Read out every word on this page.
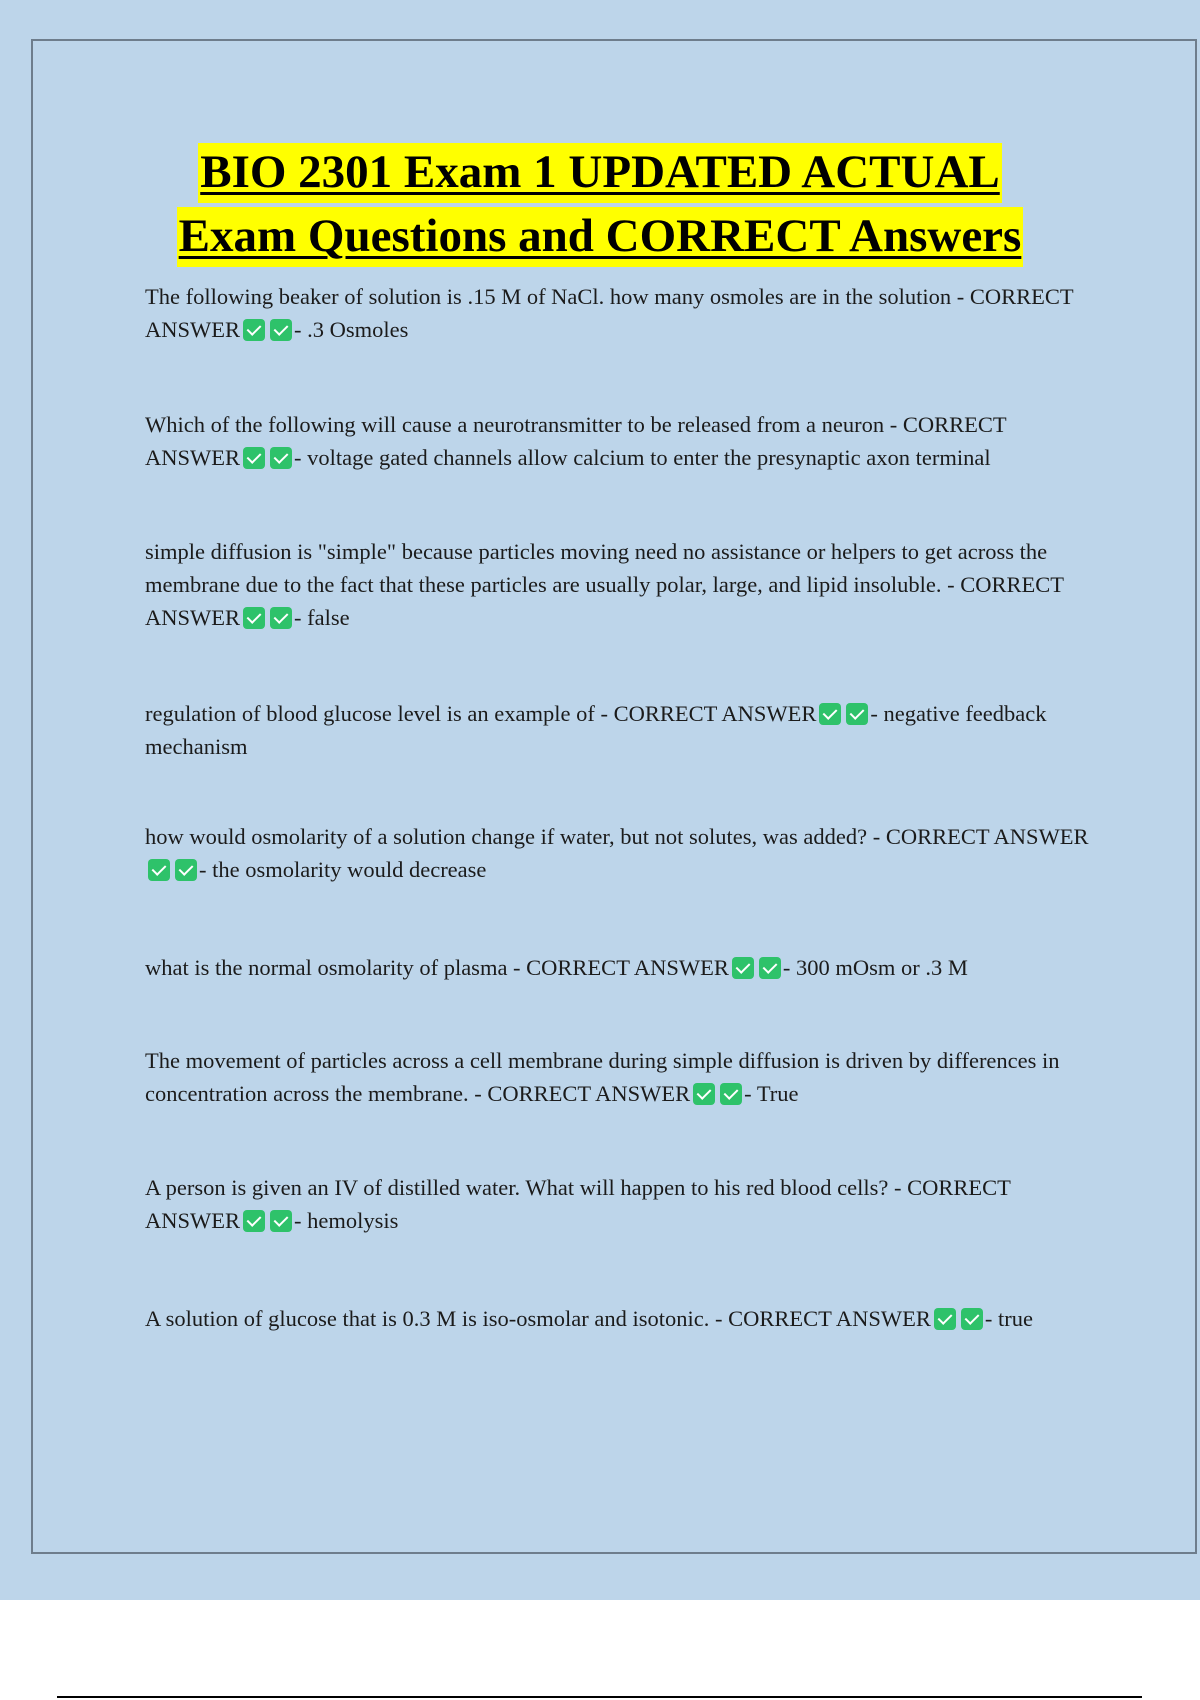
BIO 2301 Exam 1 UPDATED ACTUAL
Exam Questions and CORRECT Answers
The following beaker of solution is .15 M of NaCl. how many osmoles are in the solution - CORRECT ANSWER - .3 Osmoles
Which of the following will cause a neurotransmitter to be released from a neuron - CORRECT ANSWER - voltage gated channels allow calcium to enter the presynaptic axon terminal
simple diffusion is "simple" because particles moving need no assistance or helpers to get across the membrane due to the fact that these particles are usually polar, large, and lipid insoluble. - CORRECT ANSWER - false
regulation of blood glucose level is an example of - CORRECT ANSWER - negative feedback mechanism
how would osmolarity of a solution change if water, but not solutes, was added? - CORRECT ANSWER- the osmolarity would decrease
what is the normal osmolarity of plasma - CORRECT ANSWER - 300 mOsm or .3 M
The movement of particles across a cell membrane during simple diffusion is driven by differences in concentration across the membrane. - CORRECT ANSWER - True
A person is given an IV of distilled water. What will happen to his red blood cells? - CORRECT ANSWER - hemolysis
A solution of glucose that is 0.3 M is iso-osmolar and isotonic. - CORRECT ANSWER - true
